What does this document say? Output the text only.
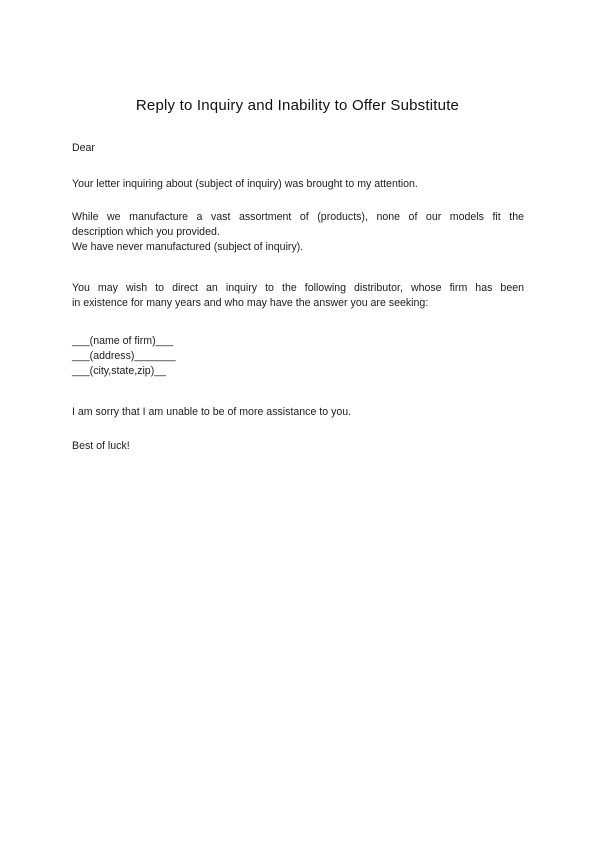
Reply to Inquiry and Inability to Offer Substitute
Dear
Your letter inquiring about (subject of inquiry) was brought to my attention.
While we manufacture a vast assortment of (products), none of our models fit the
description which you provided.
We have never manufactured (subject of inquiry).
You may wish to direct an inquiry to the following distributor, whose firm has been
in existence for many years and who may have the answer you are seeking:
___(name of firm)___
___(address)_______
___(city,state,zip)__
I am sorry that I am unable to be of more assistance to you.
Best of luck!
